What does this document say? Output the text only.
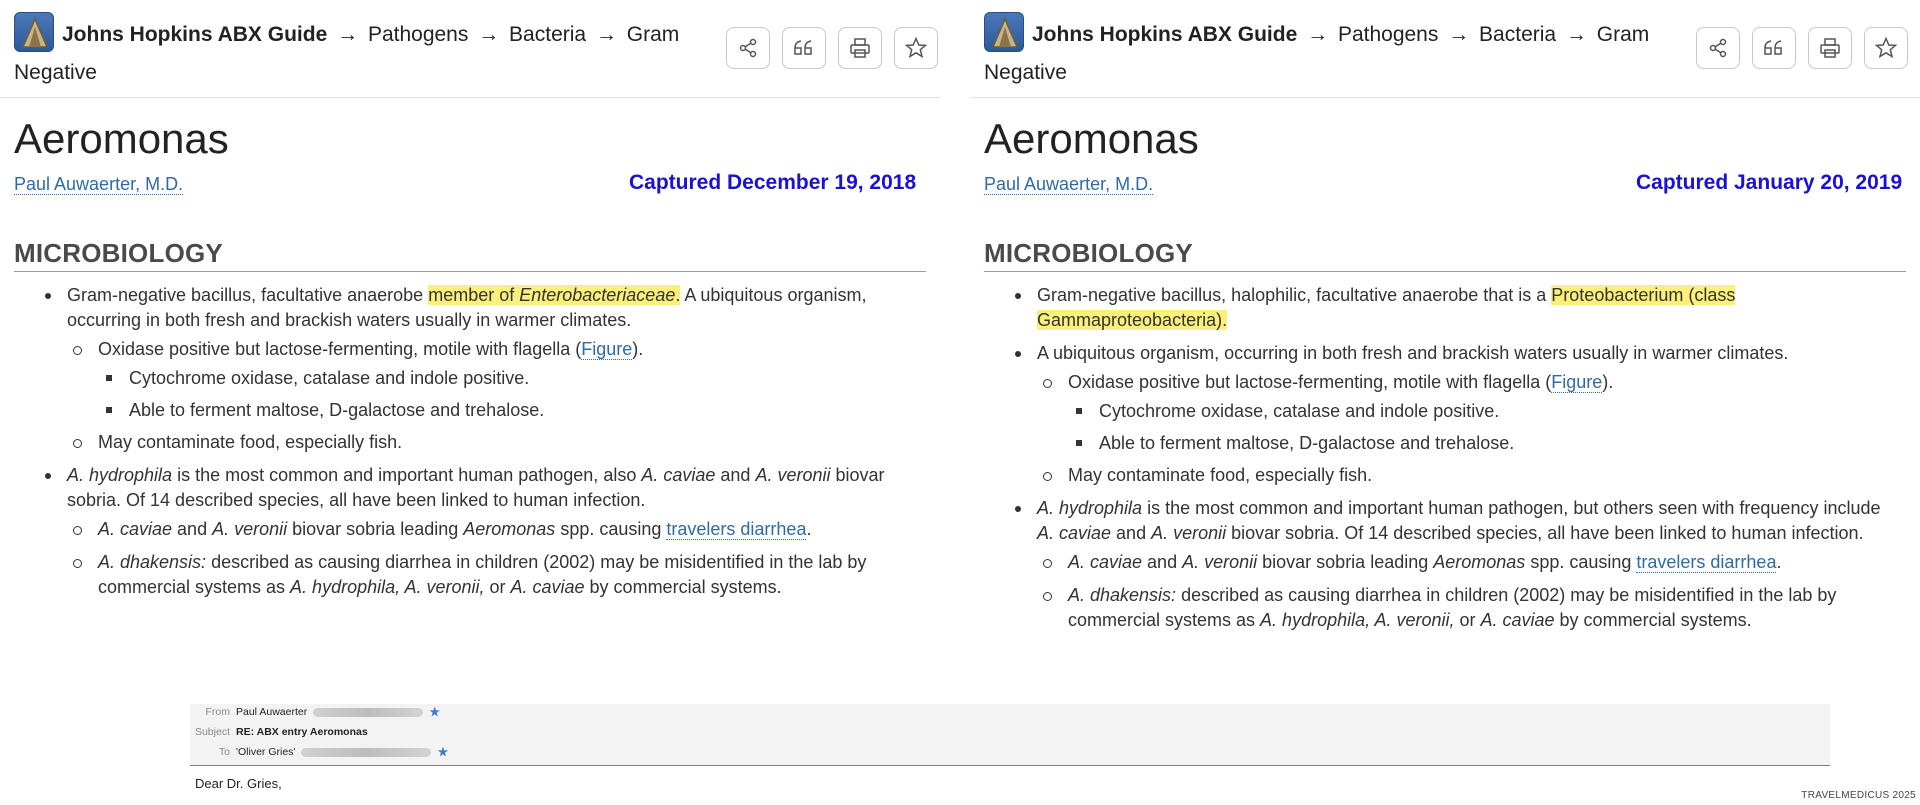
Johns Hopkins ABX Guide → Pathogens → Bacteria → Gram
Negative
Aeromonas
Paul Auwaerter, M.D.	Captured December 19, 2018
MICROBIOLOGY
Gram-negative bacillus, facultative anaerobe member of Enterobacteriaceae. A ubiquitous organism, occurring in both fresh and brackish waters usually in warmer climates.
Oxidase positive but lactose-fermenting, motile with flagella (Figure).
Cytochrome oxidase, catalase and indole positive.
Able to ferment maltose, D-galactose and trehalose.
May contaminate food, especially fish.
A. hydrophila is the most common and important human pathogen, also A. caviae and A. veronii biovar sobria. Of 14 described species, all have been linked to human infection.
A. caviae and A. veronii biovar sobria leading Aeromonas spp. causing travelers diarrhea.
A. dhakensis: described as causing diarrhea in children (2002) may be misidentified in the lab by commercial systems as A. hydrophila, A. veronii, or A. caviae by commercial systems.
Johns Hopkins ABX Guide → Pathogens → Bacteria → Gram
Negative
Aeromonas
Paul Auwaerter, M.D.	Captured January 20, 2019
MICROBIOLOGY
Gram-negative bacillus, halophilic, facultative anaerobe that is a Proteobacterium (class Gammaproteobacteria).
A ubiquitous organism, occurring in both fresh and brackish waters usually in warmer climates.
Oxidase positive but lactose-fermenting, motile with flagella (Figure).
Cytochrome oxidase, catalase and indole positive.
Able to ferment maltose, D-galactose and trehalose.
May contaminate food, especially fish.
A. hydrophila is the most common and important human pathogen, but others seen with frequency include A. caviae and A. veronii biovar sobria. Of 14 described species, all have been linked to human infection.
A. caviae and A. veronii biovar sobria leading Aeromonas spp. causing travelers diarrhea.
A. dhakensis: described as causing diarrhea in children (2002) may be misidentified in the lab by commercial systems as A. hydrophila, A. veronii, or A. caviae by commercial systems.
From Paul Auwaerter
Subject RE: ABX entry Aeromonas
To 'Oliver Gries'
Dear Dr. Gries,
TRAVELMEDICUS 2025
